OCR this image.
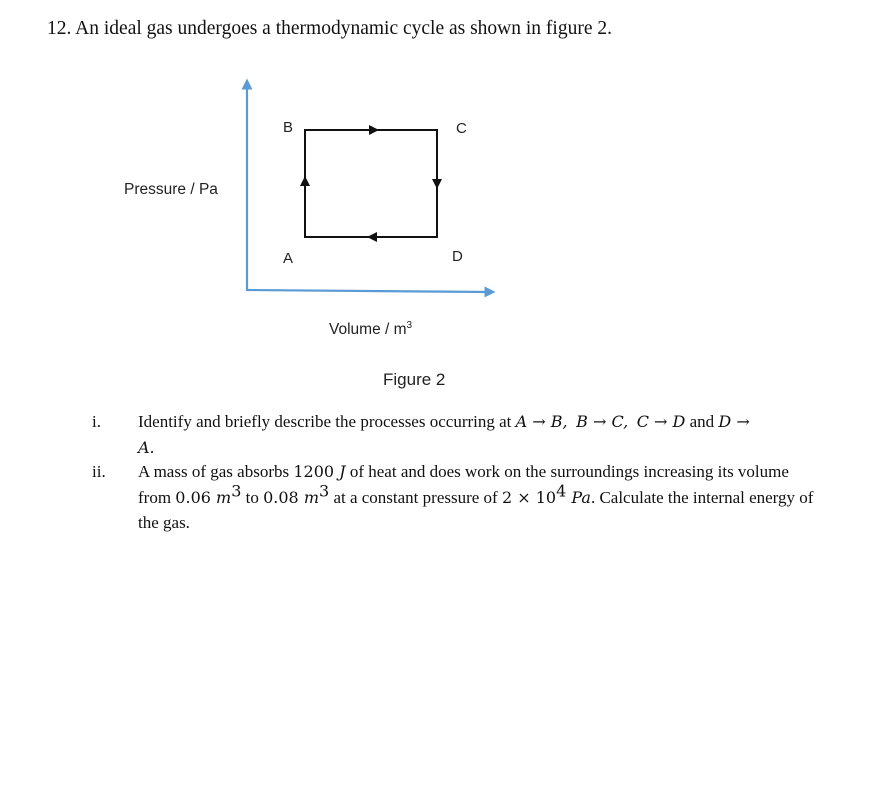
12. An ideal gas undergoes a thermodynamic cycle as shown in figure 2.
Pressure / Pa
B	C
A	D
Volume / $m^3$
Figure 2
i.	Identify and briefly describe the processes occurring at A → B, B → C, C → D and D →
A.
ii.	A mass of gas absorbs 1200 J of heat and does work on the surroundings increasing its volume from 0.06 $m^3$ to 0.08 $m^3$ at a constant pressure of $2 \times 10^4$ Pa. Calculate the internal energy of the gas.
